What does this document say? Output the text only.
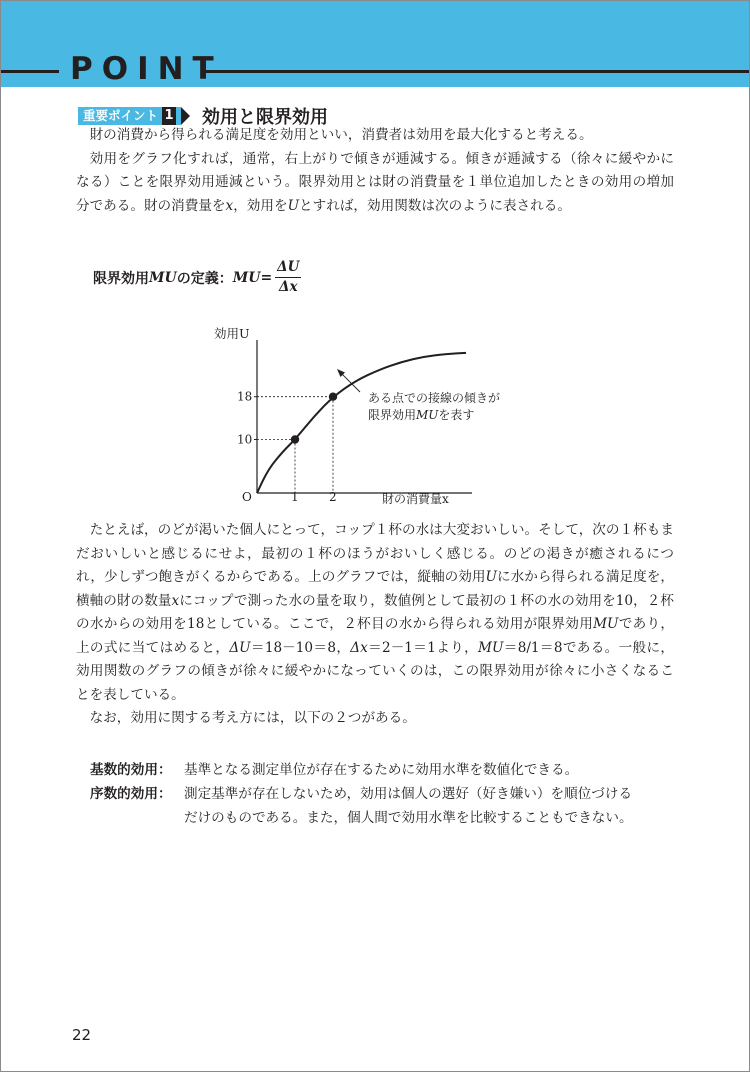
POINT
重要ポイント 1 効用と限界効用

財の消費から得られる満足度を効用といい，消費者は効用を最大化すると考える。

効用をグラフ化すれば，通常，右上がりで傾きが逓減する。傾きが逓減する（徐々に緩やかになる）ことを限界効用逓減という。限界効用とは財の消費量を１単位追加したときの効用の増加分である。財の消費量をx，効用をUとすれば，効用関数は次のように表される。

限界効用 MU の定義： MU = $\frac{\Delta U}{\Delta x}$
効用U
O
10
1
18
2	財の消費量x
ある点での接線の傾きが
限界効用MUを表す

たとえば，のどが渇いた個人にとって，コップ１杯の水は大変おいしい。そして，次の１杯もまだおいしいと感じるにせよ，最初の１杯のほうがおいしく感じる。のどの渇きが癒されるにつれ，少しずつ飽きがくるからである。上のグラフでは，縦軸の効用Uに水から得られる満足度を，横軸の財の数量xにコップで測った水の量を取り，数値例として最初の１杯の水の効用を10，２杯の水からの効用を18としている。ここで，２杯目の水から得られる効用が限界効用MUであり，上の式に当てはめると，ΔU＝18－10＝8，Δx＝2－1＝1より，MU＝8/1＝8である。一般に，効用関数のグラフの傾きが徐々に緩やかになっていくのは，この限界効用が徐々に小さくなることを表している。

なお，効用に関する考え方には，以下の２つがある。

基数的効用： 基準となる測定単位が存在するために効用水準を数値化できる。
序数的効用： 測定基準が存在しないため，効用は個人の選好（好き嫌い）を順位づけるだけのものである。また，個人間で効用水準を比較することもできない。
22
